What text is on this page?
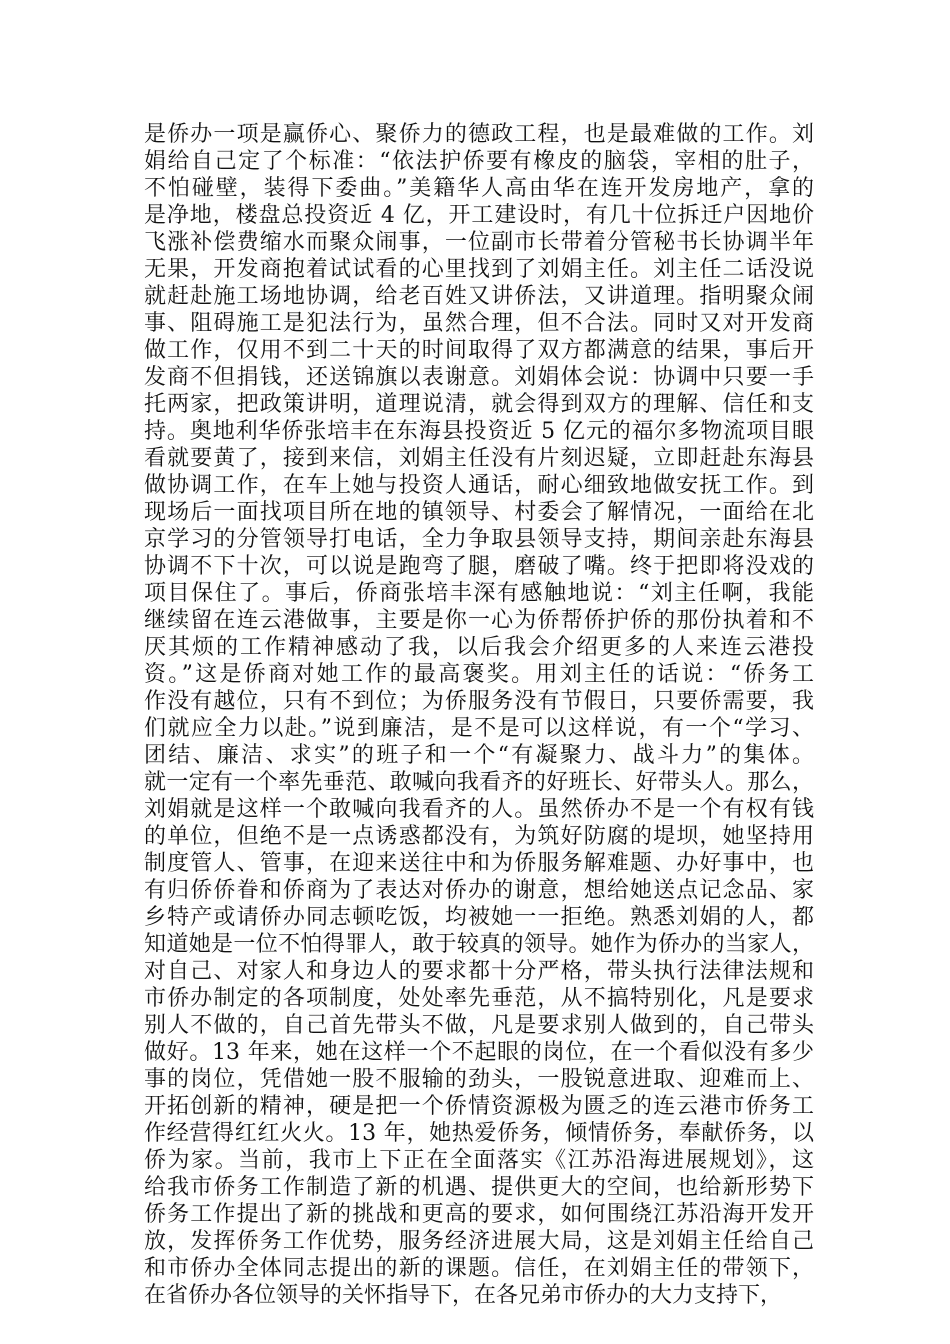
是侨办一项是赢侨心、聚侨力的德政工程，也是最难做的工作。刘
娟给自己定了个标准：“依法护侨要有橡皮的脑袋，宰相的肚子，
不怕碰壁，装得下委曲。”美籍华人高由华在连开发房地产，拿的
是净地，楼盘总投资近 4 亿，开工建设时，有几十位拆迁户因地价
飞涨补偿费缩水而聚众闹事，一位副市长带着分管秘书长协调半年
无果，开发商抱着试试看的心里找到了刘娟主任。刘主任二话没说
就赶赴施工场地协调，给老百姓又讲侨法，又讲道理。指明聚众闹
事、阻碍施工是犯法行为，虽然合理，但不合法。同时又对开发商
做工作，仅用不到二十天的时间取得了双方都满意的结果，事后开
发商不但捐钱，还送锦旗以表谢意。刘娟体会说：协调中只要一手
托两家，把政策讲明，道理说清，就会得到双方的理解、信任和支
持。奥地利华侨张培丰在东海县投资近 5 亿元的福尔多物流项目眼
看就要黄了，接到来信，刘娟主任没有片刻迟疑，立即赶赴东海县
做协调工作，在车上她与投资人通话，耐心细致地做安抚工作。到
现场后一面找项目所在地的镇领导、村委会了解情况，一面给在北
京学习的分管领导打电话，全力争取县领导支持，期间亲赴东海县
协调不下十次，可以说是跑弯了腿，磨破了嘴。终于把即将没戏的
项目保住了。事后，侨商张培丰深有感触地说：“刘主任啊，我能
继续留在连云港做事，主要是你一心为侨帮侨护侨的那份执着和不
厌其烦的工作精神感动了我，以后我会介绍更多的人来连云港投
资。”这是侨商对她工作的最高褒奖。用刘主任的话说：“侨务工
作没有越位，只有不到位；为侨服务没有节假日，只要侨需要，我
们就应全力以赴。”说到廉洁，是不是可以这样说，有一个“学习、
团结、廉洁、求实”的班子和一个“有凝聚力、战斗力”的集体。
就一定有一个率先垂范、敢喊向我看齐的好班长、好带头人。那么，
刘娟就是这样一个敢喊向我看齐的人。虽然侨办不是一个有权有钱
的单位，但绝不是一点诱惑都没有，为筑好防腐的堤坝，她坚持用
制度管人、管事，在迎来送往中和为侨服务解难题、办好事中，也
有归侨侨眷和侨商为了表达对侨办的谢意，想给她送点记念品、家
乡特产或请侨办同志顿吃饭，均被她一一拒绝。熟悉刘娟的人，都
知道她是一位不怕得罪人，敢于较真的领导。她作为侨办的当家人，
对自己、对家人和身边人的要求都十分严格，带头执行法律法规和
市侨办制定的各项制度，处处率先垂范，从不搞特别化，凡是要求
别人不做的，自己首先带头不做，凡是要求别人做到的，自己带头
做好。13 年来，她在这样一个不起眼的岗位，在一个看似没有多少
事的岗位，凭借她一股不服输的劲头，一股锐意进取、迎难而上、
开拓创新的精神，硬是把一个侨情资源极为匮乏的连云港市侨务工
作经营得红红火火。13 年，她热爱侨务，倾情侨务，奉献侨务，以
侨为家。当前，我市上下正在全面落实《江苏沿海进展规划》，这
给我市侨务工作制造了新的机遇、提供更大的空间，也给新形势下
侨务工作提出了新的挑战和更高的要求，如何围绕江苏沿海开发开
放，发挥侨务工作优势，服务经济进展大局，这是刘娟主任给自己
和市侨办全体同志提出的新的课题。信任，在刘娟主任的带领下，
在省侨办各位领导的关怀指导下，在各兄弟市侨办的大力支持下，
